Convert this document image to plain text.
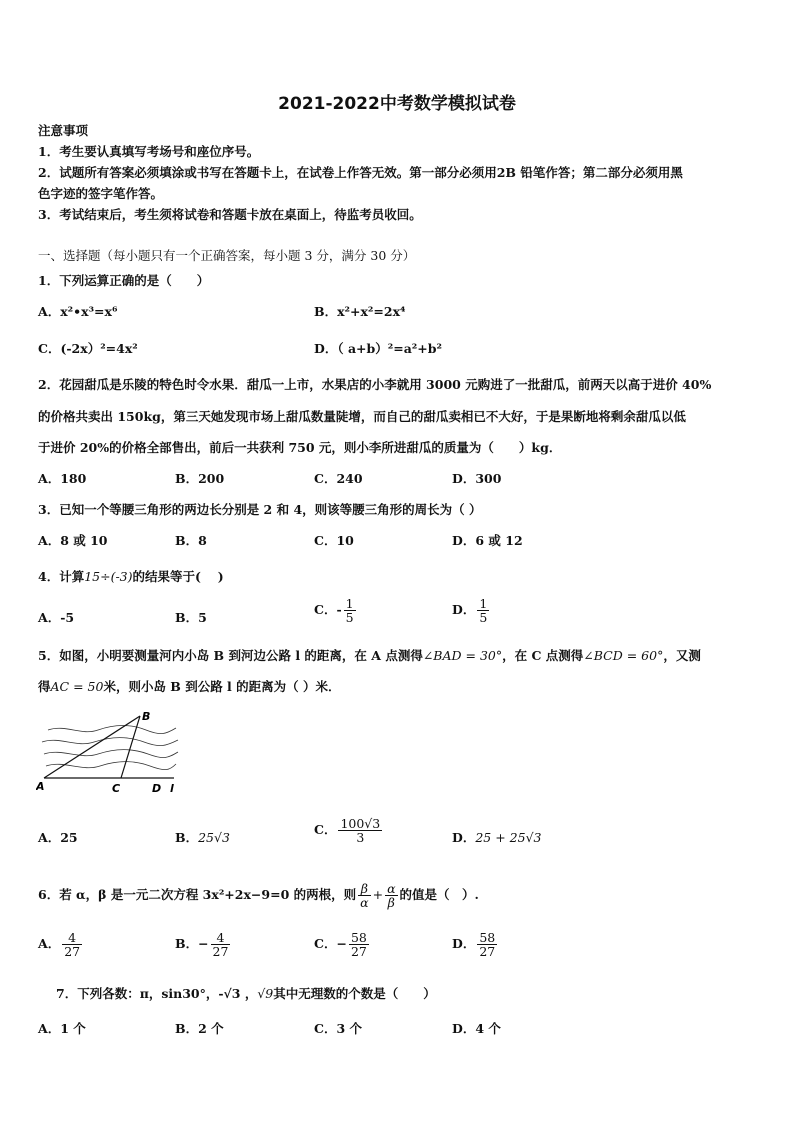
2021-2022中考数学模拟试卷
注意事项
1．考生要认真填写考场号和座位序号。
2．试题所有答案必须填涂或书写在答题卡上，在试卷上作答无效。第一部分必须用2B 铅笔作答；第二部分必须用黑
色字迹的签字笔作答。
3．考试结束后，考生须将试卷和答题卡放在桌面上，待监考员收回。
一、选择题（每小题只有一个正确答案，每小题 3 分，满分 30 分）
1．下列运算正确的是（　　）
A．x²•x³=x⁶	B．x²+x²=2x⁴
C．(-2x）²=4x²	D．（ a+b）²=a²+b²
2．花园甜瓜是乐陵的特色时令水果．甜瓜一上市，水果店的小李就用 3000 元购进了一批甜瓜，前两天以高于进价 40%
的价格共卖出 150kg，第三天她发现市场上甜瓜数量陡增，而自己的甜瓜卖相已不大好，于是果断地将剩余甜瓜以低
于进价 20%的价格全部售出，前后一共获利 750 元，则小李所进甜瓜的质量为（　　）kg．
A．180	B．200	C．240	D．300
3．已知一个等腰三角形的两边长分别是 2 和 4，则该等腰三角形的周长为（ ）
A．8 或 10	B．8	C．10	D．6 或 12
4．计算15÷(-3)的结果等于(　 )
A．-5	B．5
C．- $\frac{1}{5}$	D． $\frac{1}{5}$
5．如图，小明要测量河内小岛 B 到河边公路 l 的距离，在 A 点测得∠BAD = 30°，在 C 点测得∠BCD = 60°，又测
得AC = 50米，则小岛 B 到公路 l 的距离为（ ）米．
A
B
C	D l
A．25	B．25√3
C． $\frac{100√3}{3}$	D．25 + 25√3
6．若 α，β 是一元二次方程 3x²+2x−9=0 的两根，则 $\frac{\beta}{\alpha} + \frac{\alpha}{\beta}$ 的值是（　）.
A． $\frac{4}{27}$	B．− $\frac{4}{27}$	C．− $\frac{58}{27}$	D． $\frac{58}{27}$
7．下列各数：π，sin30°，-√3 ，√9其中无理数的个数是（　　）
A．1 个	B．2 个	C．3 个	D．4 个
